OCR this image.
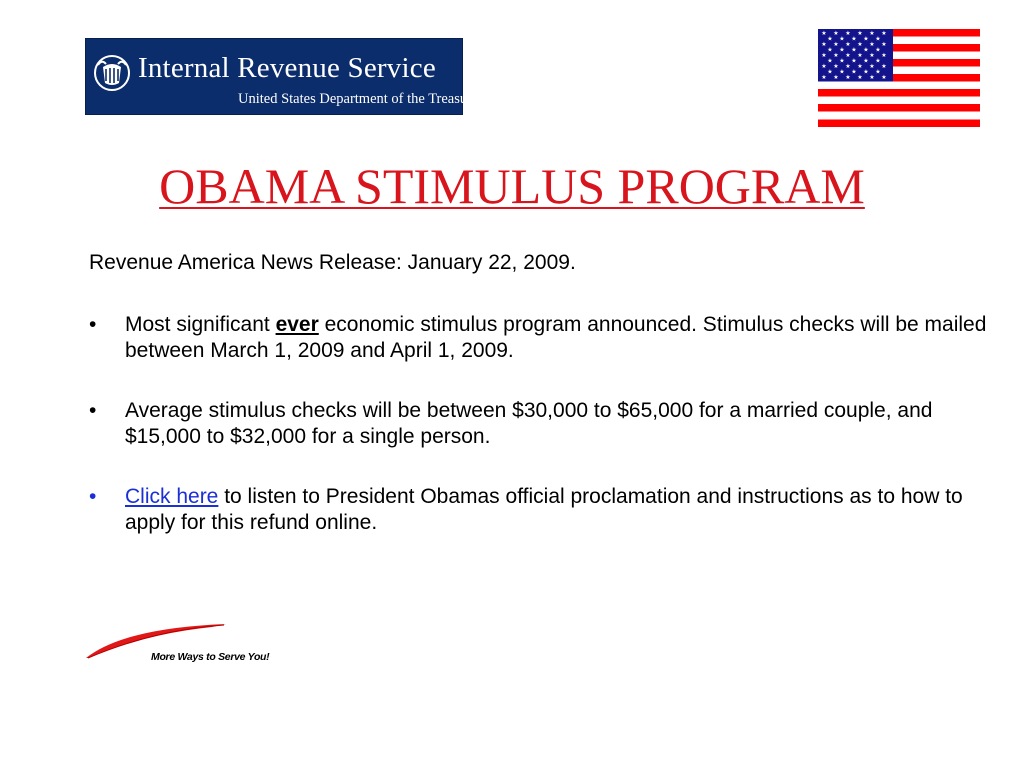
Internal Revenue Service
United States Department of the Treasury
★ ★ ★ ★ ★ ★
★ ★ ★ ★ ★
★ ★ ★ ★ ★ ★
★ ★ ★ ★ ★
★ ★ ★ ★ ★ ★
★ ★ ★ ★ ★
★ ★ ★ ★ ★ ★
★ ★ ★ ★ ★
★ ★ ★ ★ ★ ★
OBAMA STIMULUS PROGRAM
Revenue America News Release: January 22, 2009.
•	Most significant ever economic stimulus program announced. Stimulus checks will be mailed between March 1, 2009 and April 1, 2009.
•	Average stimulus checks will be between $30,000 to $65,000 for a married couple, and $15,000 to $32,000 for a single person.
•	Click here to listen to President Obamas official proclamation and instructions as to how to apply for this refund online.
More Ways to Serve You!
